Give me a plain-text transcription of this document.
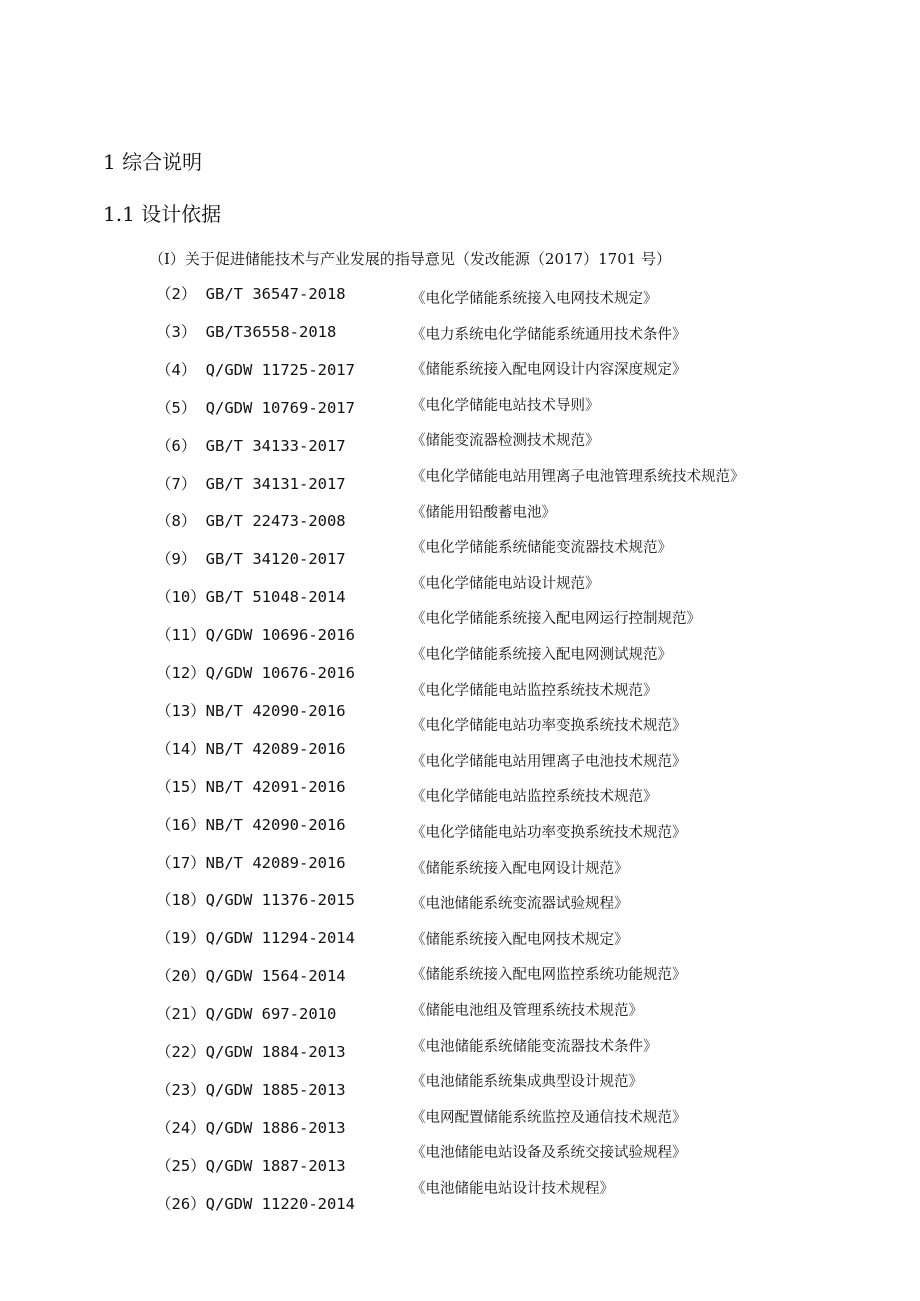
1 综合说明
1.1 设计依据
（I）关于促进储能技术与产业发展的指导意见（发改能源（2017）1701 号）
（2） GB/T 36547-2018
（3） GB/T36558-2018
（4） Q/GDW 11725-2017
（5） Q/GDW 10769-2017
（6） GB/T 34133-2017
（7） GB/T 34131-2017
（8） GB/T 22473-2008
（9） GB/T 34120-2017
（10）GB/T 51048-2014
（11）Q/GDW 10696-2016
（12）Q/GDW 10676-2016
（13）NB/T 42090-2016
（14）NB/T 42089-2016
（15）NB/T 42091-2016
（16）NB/T 42090-2016
（17）NB/T 42089-2016
（18）Q/GDW 11376-2015
（19）Q/GDW 11294-2014
（20）Q/GDW 1564-2014
（21）Q/GDW 697-2010
（22）Q/GDW 1884-2013
（23）Q/GDW 1885-2013
（24）Q/GDW 1886-2013
（25）Q/GDW 1887-2013
（26）Q/GDW 11220-2014
《电化学储能系统接入电网技术规定》
《电力系统电化学储能系统通用技术条件》
《储能系统接入配电网设计内容深度规定》
《电化学储能电站技术导则》
《储能变流器检测技术规范》
《电化学储能电站用锂离子电池管理系统技术规范》
《储能用铅酸蓄电池》
《电化学储能系统储能变流器技术规范》
《电化学储能电站设计规范》
《电化学储能系统接入配电网运行控制规范》
《电化学储能系统接入配电网测试规范》
《电化学储能电站监控系统技术规范》
《电化学储能电站功率变换系统技术规范》
《电化学储能电站用锂离子电池技术规范》
《电化学储能电站监控系统技术规范》
《电化学储能电站功率变换系统技术规范》
《储能系统接入配电网设计规范》
《电池储能系统变流器试验规程》
《储能系统接入配电网技术规定》
《储能系统接入配电网监控系统功能规范》
《储能电池组及管理系统技术规范》
《电池储能系统储能变流器技术条件》
《电池储能系统集成典型设计规范》
《电网配置储能系统监控及通信技术规范》
《电池储能电站设备及系统交接试验规程》
《电池储能电站设计技术规程》
